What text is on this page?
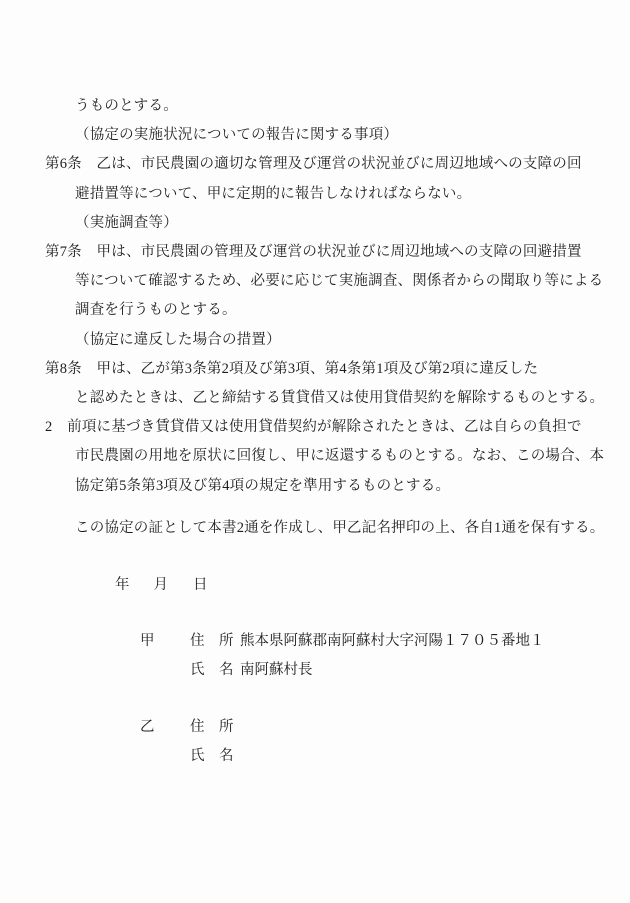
うものとする。
（協定の実施状況についての報告に関する事項）
第6条　乙は、市民農園の適切な管理及び運営の状況並びに周辺地域への支障の回
避措置等について、甲に定期的に報告しなければならない。
（実施調査等）
第7条　甲は、市民農園の管理及び運営の状況並びに周辺地域への支障の回避措置
等について確認するため、必要に応じて実施調査、関係者からの聞取り等による
調査を行うものとする。
（協定に違反した場合の措置）
第8条　甲は、乙が第3条第2項及び第3項、第4条第1項及び第2項に違反した
と認めたときは、乙と締結する賃貸借又は使用貸借契約を解除するものとする。
2　前項に基づき賃貸借又は使用貸借契約が解除されたときは、乙は自らの負担で
市民農園の用地を原状に回復し、甲に返還するものとする。なお、この場合、本
協定第5条第3項及び第4項の規定を準用するものとする。
この協定の証として本書2通を作成し、甲乙記名押印の上、各自1通を保有する。
年 月 日
甲 住　所 熊本県阿蘇郡南阿蘇村大字河陽１７０５番地１
氏　名 南阿蘇村長
乙 住　所
氏　名
